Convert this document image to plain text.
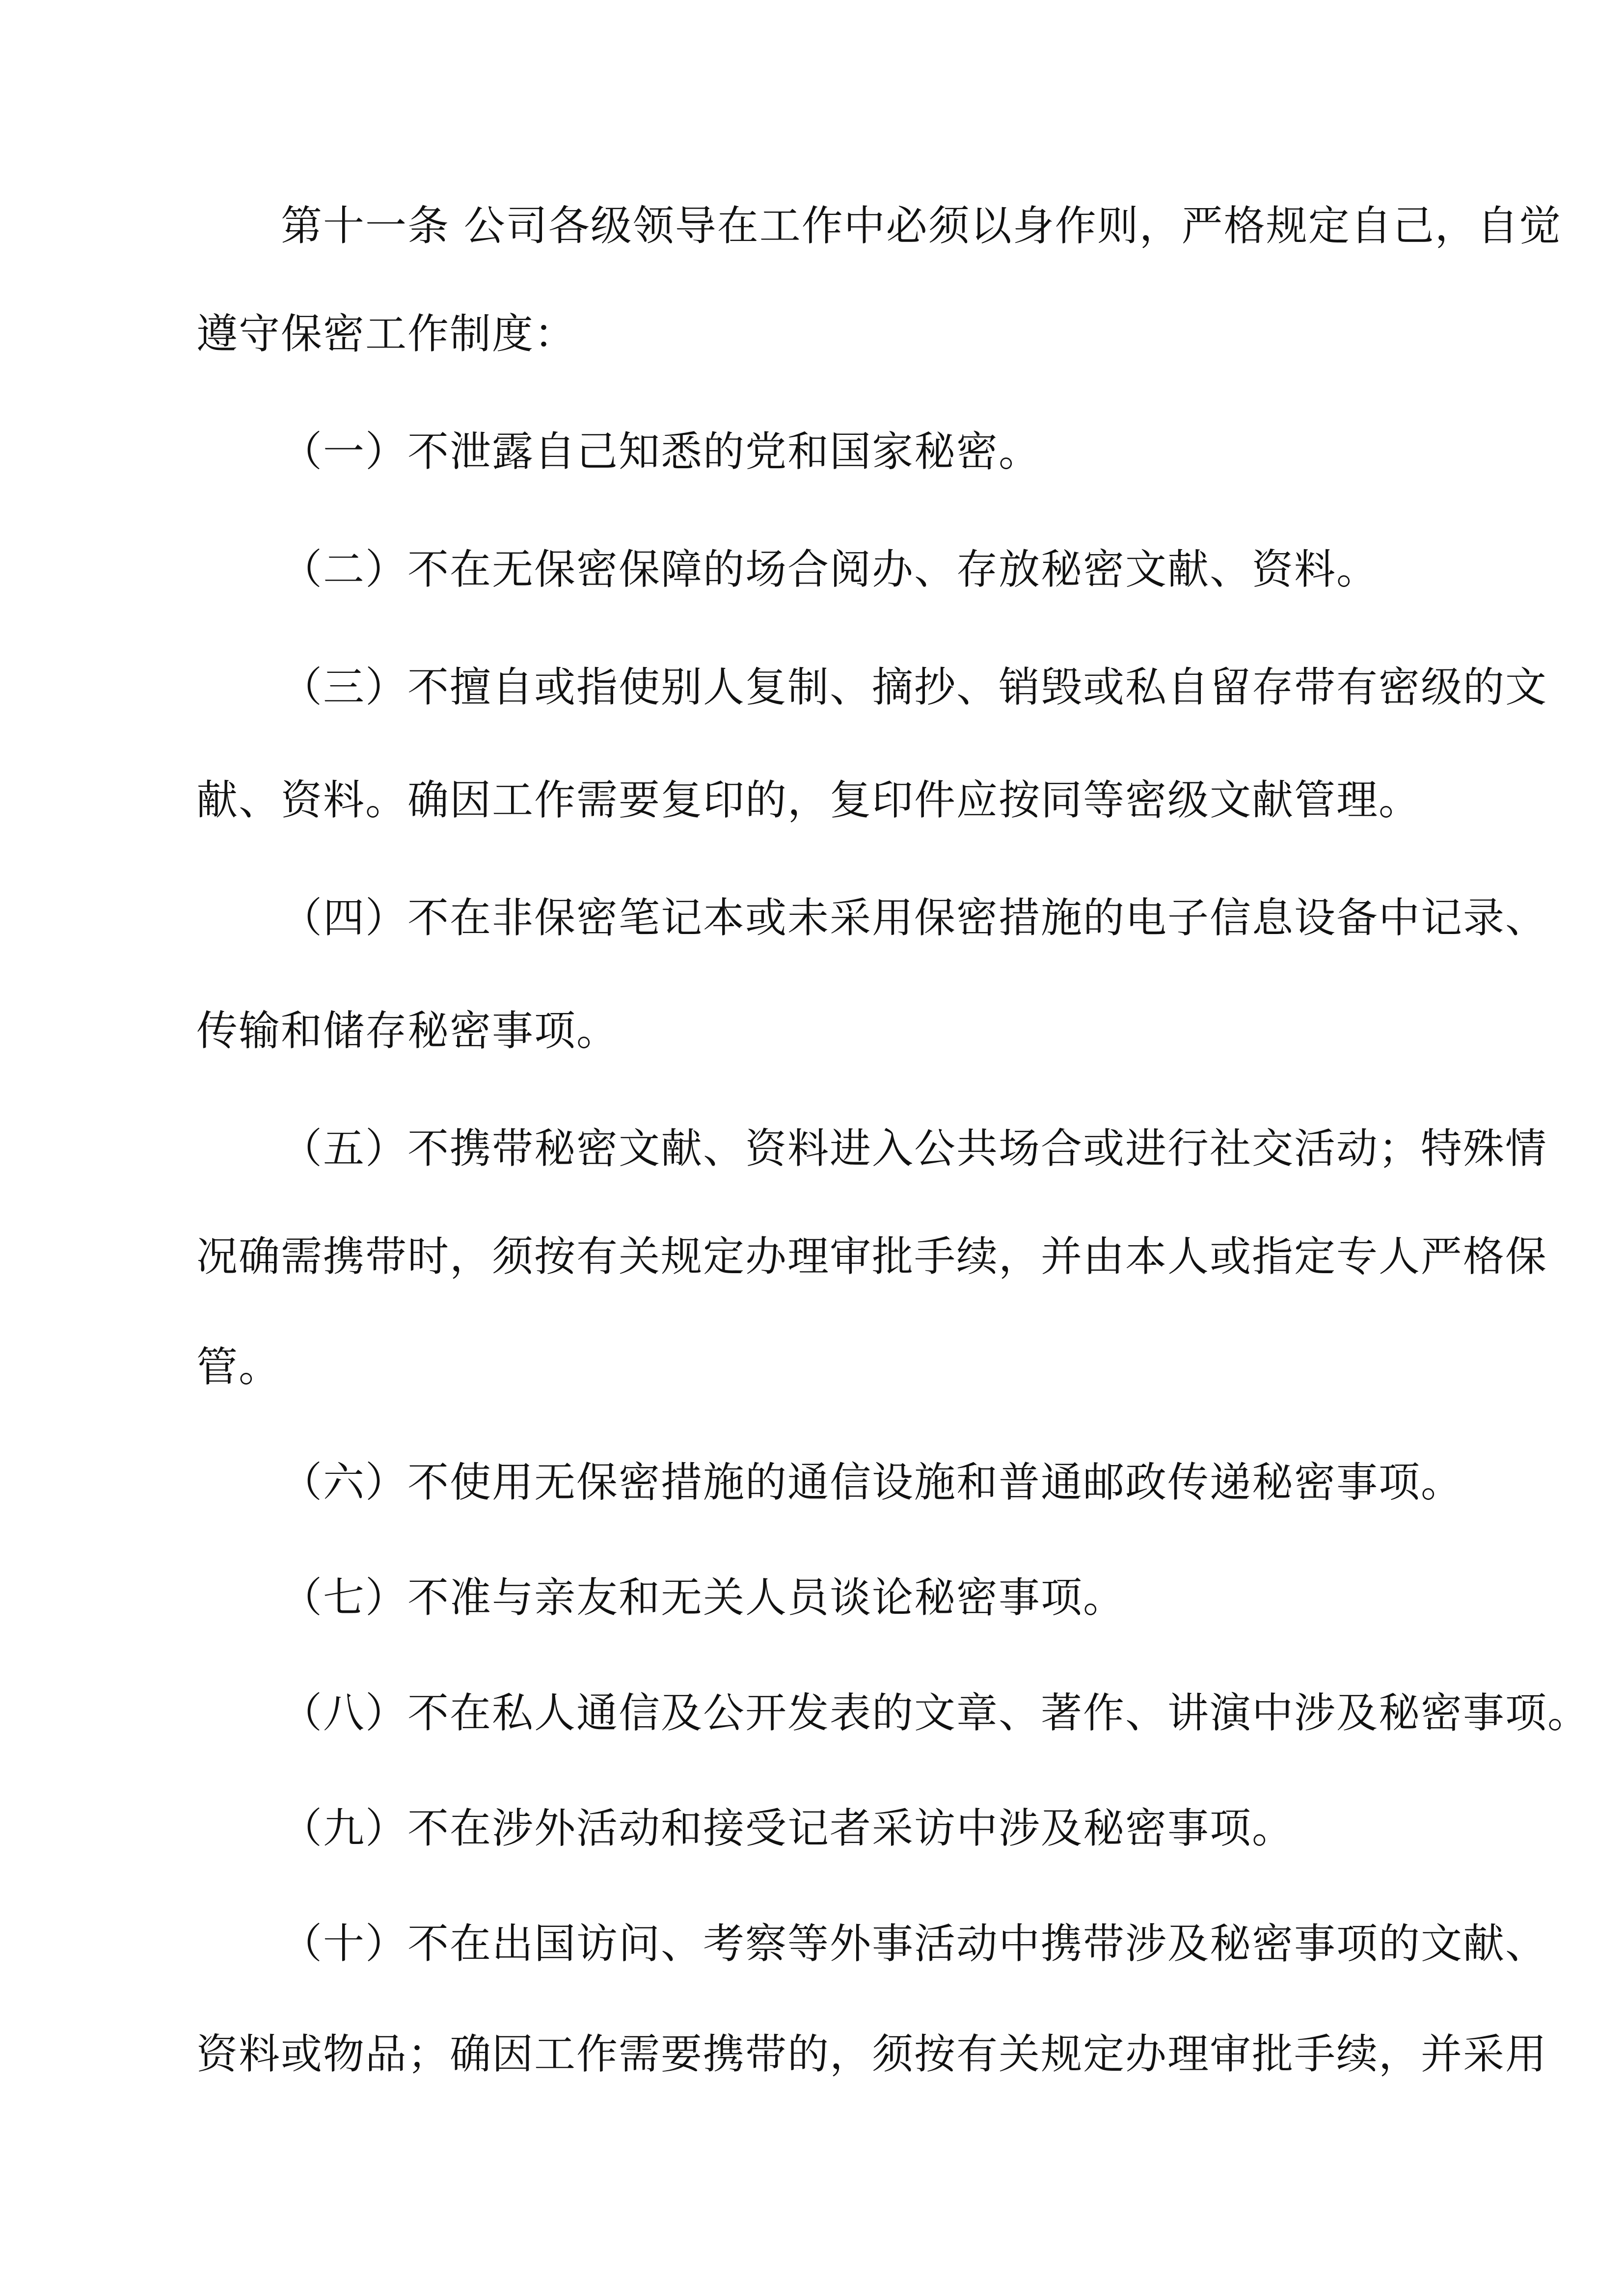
第十一条 公司各级领导在工作中必须以身作则，严格规定自己，自觉
遵守保密工作制度：
（一）不泄露自己知悉的党和国家秘密。
（二）不在无保密保障的场合阅办、存放秘密文献、资料。
（三）不擅自或指使别人复制、摘抄、销毁或私自留存带有密级的文
献、资料。确因工作需要复印的，复印件应按同等密级文献管理。
（四）不在非保密笔记本或未采用保密措施的电子信息设备中记录、
传输和储存秘密事项。
（五）不携带秘密文献、资料进入公共场合或进行社交活动；特殊情
况确需携带时，须按有关规定办理审批手续，并由本人或指定专人严格保
管。
（六）不使用无保密措施的通信设施和普通邮政传递秘密事项。
（七）不准与亲友和无关人员谈论秘密事项。
（八）不在私人通信及公开发表的文章、著作、讲演中涉及秘密事项。
（九）不在涉外活动和接受记者采访中涉及秘密事项。
（十）不在出国访问、考察等外事活动中携带涉及秘密事项的文献、
资料或物品；确因工作需要携带的，须按有关规定办理审批手续，并采用
